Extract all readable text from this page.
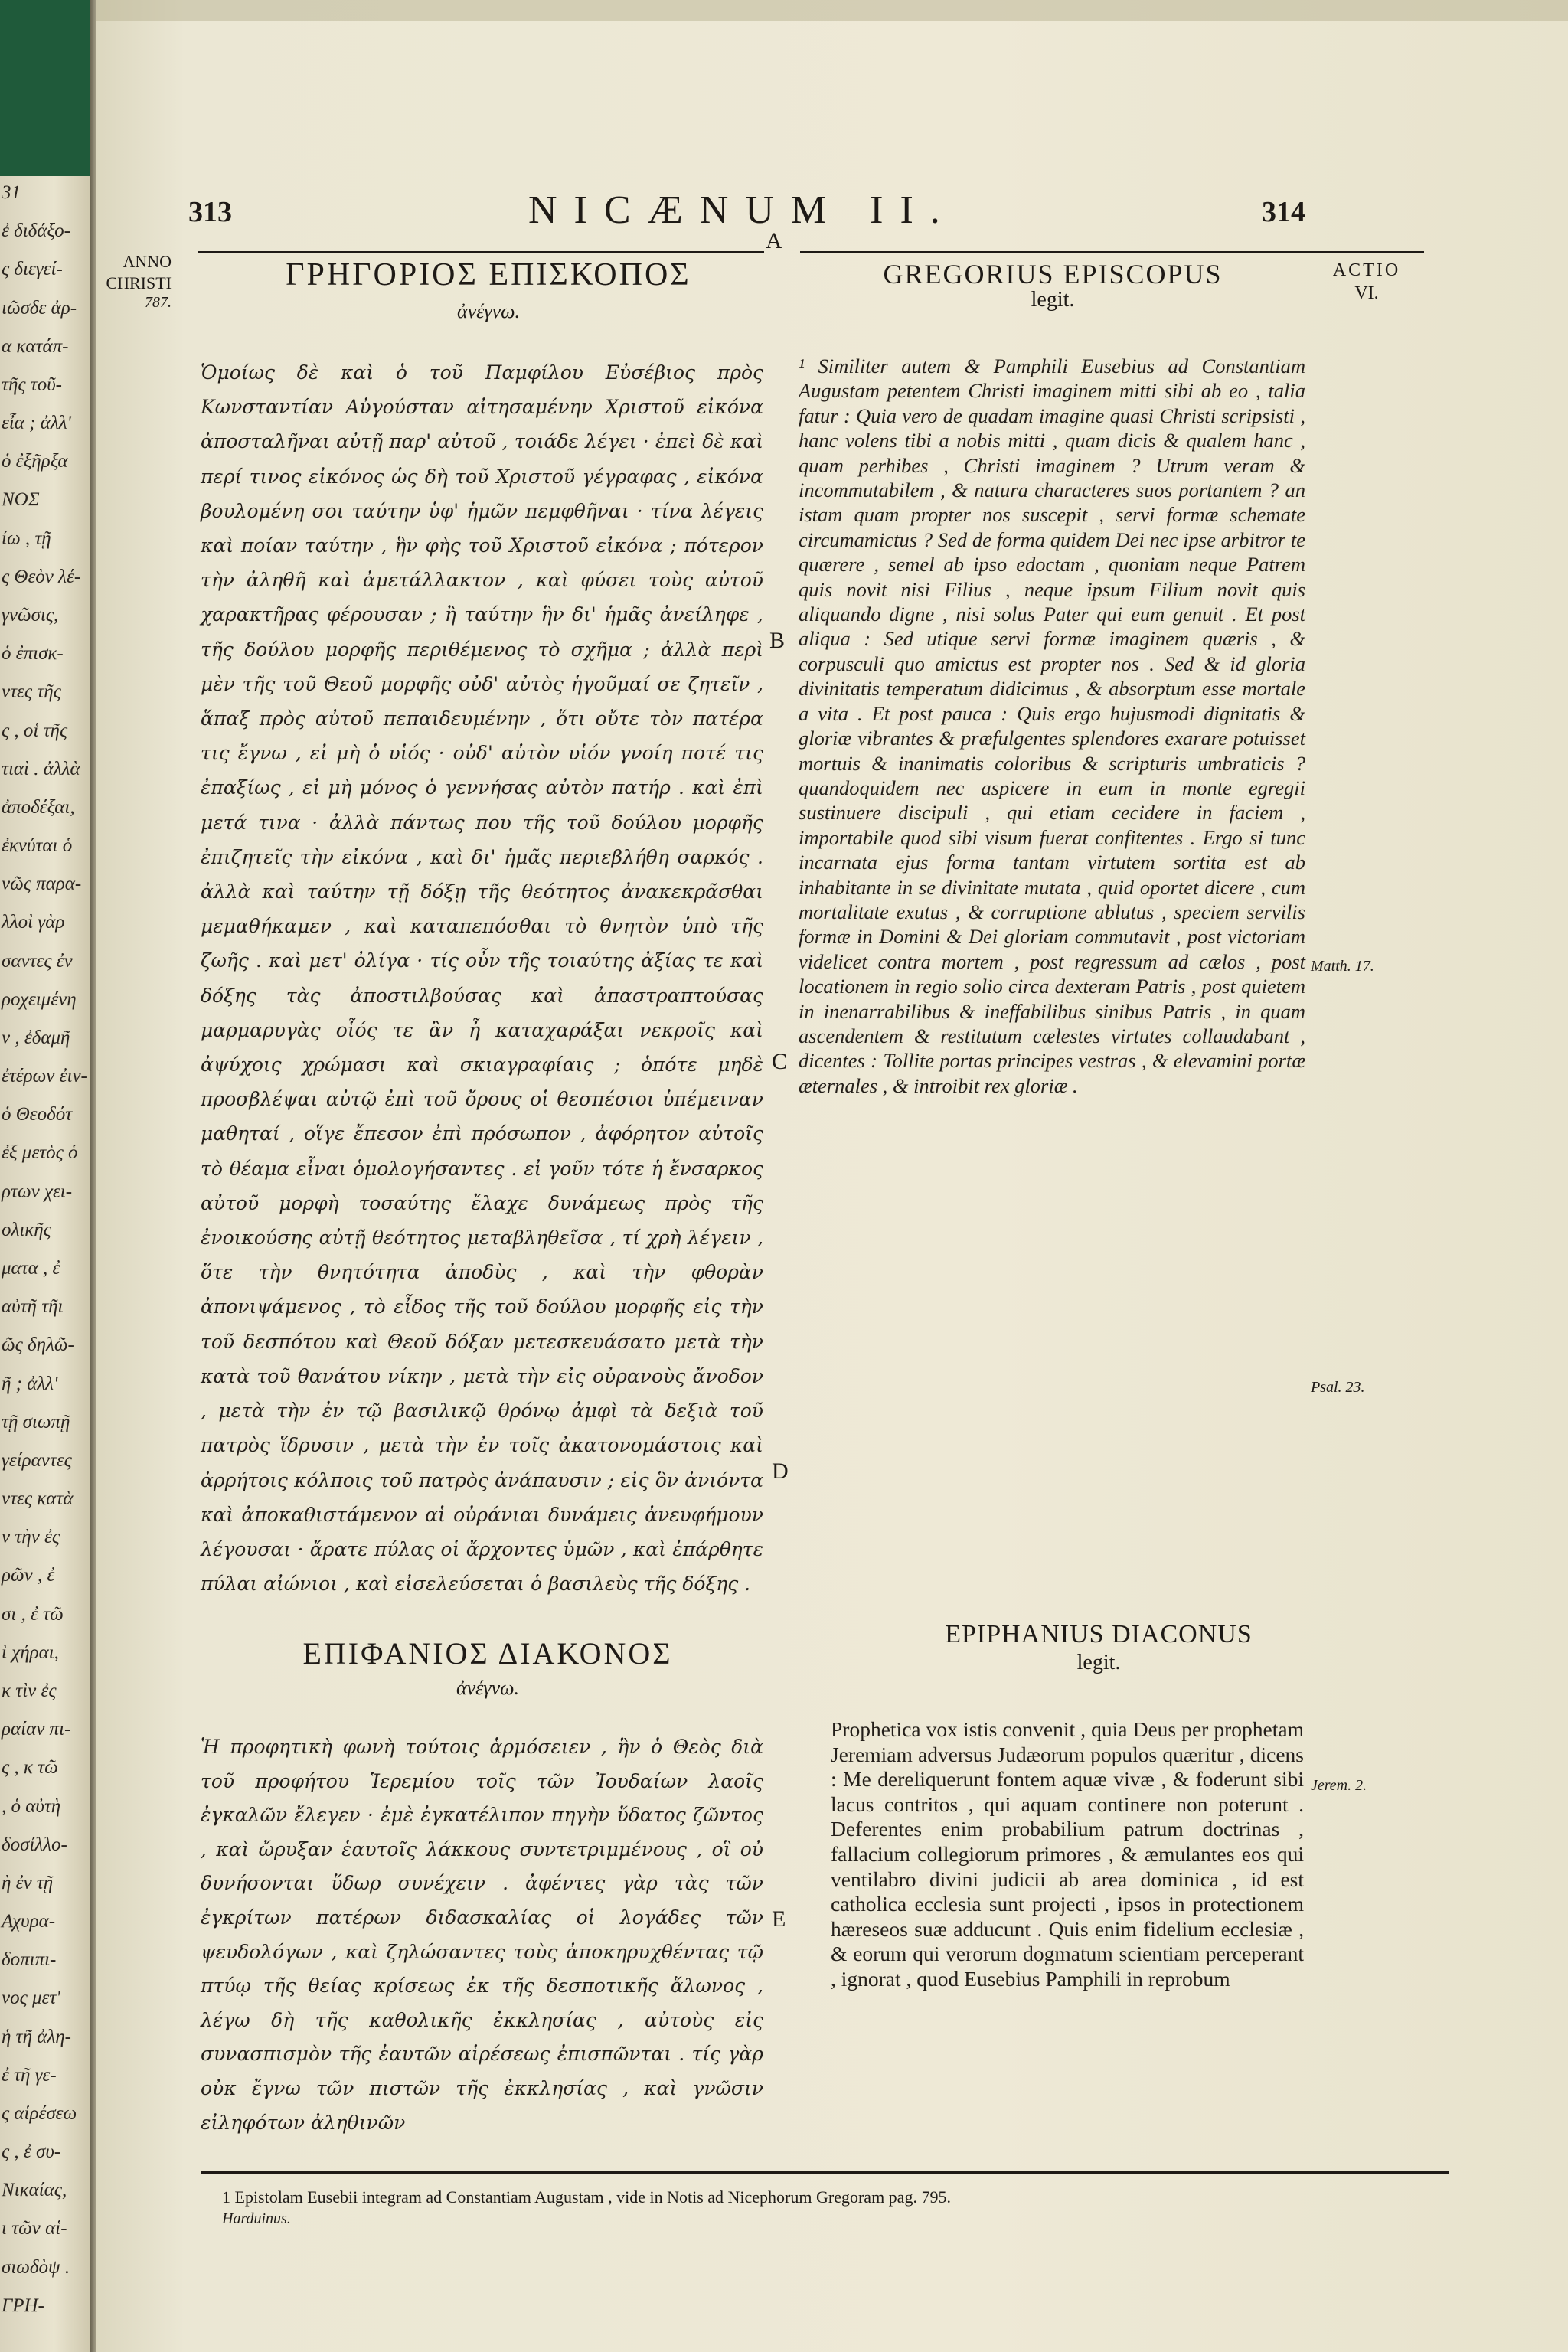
31
ἐ διδάξο-
ς διεγεί-
ιῶσδε ἀρ-
α κατάπ-
τῆς τοῦ-
εἶα ; ἀλλ'
ὁ ἐξῆρξα
ΝΟΣ
ίω , τῇ
ς Θεὸν λέ-
γνῶσις,
ὁ ἐπισκ-
ντες τῆς
ς , οἱ τῆς
τιαὶ . ἀλλὰ
ἀποδέξαι,
ἐκνύται ὁ
νῶς παρα-
λλοὶ γὰρ
σαντες ἐν
ροχειμένη
ν , ἐδαμῆ
ἐτέρων ἐιν-
ὁ Θεοδότ
ἐξ μετὸς ὁ
ρτων χει-
ολικῆς
ματα , ἐ
αὐτῆ τῆι
ῶς δηλῶ-
ῆ ; ἀλλ'
τῇ σιωπῇ
γείραντες
ντες κατὰ
ν τὴν ἐς
ρῶν , ἐ
σι , ἐ τῶ
ὶ χήραι,
κ τὶν ἐς
ραίαν πι-
ς , κ τῶ
, ὁ αὐτὴ
δοσίλλο-
ὴ ἐν τῇ
Αχυρα-
δοπιπι-
νος μετ'
ἡ τῆ ἀλη-
ἐ τῆ γε-
ς αἱρέσεω
ς , ἐ συ-
Νικαίας,
ι τῶν αἱ-
σιωδὸψ .
ΓΡΗ-
313	NICÆNUM II.	314
ANNO
CHRISTI
787.
ACTIO
VI.
A
B
C
D
E
ΓΡΗΓΟΡΙΟΣ ΕΠΙΣΚΟΠΟΣ
ἀνέγνω.
GREGORIUS EPISCOPUS
legit.
Ὁμοίως δὲ καὶ ὁ τοῦ Παμφίλου Εὐσέβιος πρὸς Κωνσταντίαν Αὐγούσταν αἰτησαμένην Χριστοῦ εἰκόνα ἀποσταλῆναι αὐτῇ παρ' αὐτοῦ , τοιάδε λέγει · ἐπεὶ δὲ καὶ περί τινος εἰκόνος ὡς δὴ τοῦ Χριστοῦ γέγραφας , εἰκόνα βουλομένη σοι ταύτην ὑφ' ἡμῶν πεμφθῆναι · τίνα λέγεις καὶ ποίαν ταύτην , ἣν φὴς τοῦ Χριστοῦ εἰκόνα ; πότερον τὴν ἀληθῆ καὶ ἀμετάλλακτον , καὶ φύσει τοὺς αὐτοῦ χαρακτῆρας φέρουσαν ; ἢ ταύτην ἣν δι' ἡμᾶς ἀνείληφε , τῆς δούλου μορφῆς περιθέμενος τὸ σχῆμα ; ἀλλὰ περὶ μὲν τῆς τοῦ Θεοῦ μορφῆς οὐδ' αὐτὸς ἡγοῦμαί σε ζητεῖν , ἅπαξ πρὸς αὐτοῦ πεπαιδευμένην , ὅτι οὔτε τὸν πατέρα τις ἔγνω , εἰ μὴ ὁ υἱός · οὐδ' αὐτὸν υἱόν γνοίη ποτέ τις ἐπαξίως , εἰ μὴ μόνος ὁ γεννήσας αὐτὸν πατήρ . καὶ ἐπὶ μετά τινα · ἀλλὰ πάντως που τῆς τοῦ δούλου μορφῆς ἐπιζητεῖς τὴν εἰκόνα , καὶ δι' ἡμᾶς περιεβλήθη σαρκός . ἀλλὰ καὶ ταύτην τῇ δόξῃ τῆς θεότητος ἀνακεκρᾶσθαι μεμαθήκαμεν , καὶ καταπεπόσθαι τὸ θνητὸν ὑπὸ τῆς ζωῆς . καὶ μετ' ὀλίγα · τίς οὖν τῆς τοιαύτης ἀξίας τε καὶ δόξης τὰς ἀποστιλβούσας καὶ ἀπαστραπτούσας μαρμαρυγὰς οἷός τε ἂν ἦ καταχαράξαι νεκροῖς καὶ ἀψύχοις χρώμασι καὶ σκιαγραφίαις ; ὁπότε μηδὲ προσβλέψαι αὐτῷ ἐπὶ τοῦ ὄρους οἱ θεσπέσιοι ὑπέμειναν μαθηταί , οἵγε ἔπεσον ἐπὶ πρόσωπον , ἀφόρητον αὐτοῖς τὸ θέαμα εἶναι ὁμολογήσαντες . εἰ γοῦν τότε ἡ ἔνσαρκος αὐτοῦ μορφὴ τοσαύτης ἔλαχε δυνάμεως πρὸς τῆς ἐνοικούσης αὐτῇ θεότητος μεταβληθεῖσα , τί χρὴ λέγειν , ὅτε τὴν θνητότητα ἀποδὺς , καὶ τὴν φθορὰν ἀπονιψάμενος , τὸ εἶδος τῆς τοῦ δούλου μορφῆς εἰς τὴν τοῦ δεσπότου καὶ Θεοῦ δόξαν μετεσκευάσατο μετὰ τὴν κατὰ τοῦ θανάτου νίκην , μετὰ τὴν εἰς οὐρανοὺς ἄνοδον , μετὰ τὴν ἐν τῷ βασιλικῷ θρόνῳ ἀμφὶ τὰ δεξιὰ τοῦ πατρὸς ἵδρυσιν , μετὰ τὴν ἐν τοῖς ἀκατονομάστοις καὶ ἀρρήτοις κόλποις τοῦ πατρὸς ἀνάπαυσιν ; εἰς ὃν ἀνιόντα καὶ ἀποκαθιστάμενον αἱ οὐράνιαι δυνάμεις ἀνευφήμουν λέγουσαι · ἄρατε πύλας οἱ ἄρχοντες ὑμῶν , καὶ ἐπάρθητε πύλαι αἰώνιοι , καὶ εἰσελεύσεται ὁ βασιλεὺς τῆς δόξης .
¹ Similiter autem & Pamphili Eusebius ad Constantiam Augustam petentem Christi imaginem mitti sibi ab eo , talia fatur : Quia vero de quadam imagine quasi Christi scripsisti , hanc volens tibi a nobis mitti , quam dicis & qualem hanc , quam perhibes , Christi imaginem ? Utrum veram & incommutabilem , & natura characteres suos portantem ? an istam quam propter nos suscepit , servi formæ schemate circumamictus ? Sed de forma quidem Dei nec ipse arbitror te quærere , semel ab ipso edoctam , quoniam neque Patrem quis novit nisi Filius , neque ipsum Filium novit quis aliquando digne , nisi solus Pater qui eum genuit . Et post aliqua : Sed utique servi formæ imaginem quæris , & corpusculi quo amictus est propter nos . Sed & id gloria divinitatis temperatum didicimus , & absorptum esse mortale a vita . Et post pauca : Quis ergo hujusmodi dignitatis & gloriæ vibrantes & præfulgentes splendores exarare potuisset mortuis & inanimatis coloribus & scripturis umbraticis ? quandoquidem nec aspicere in eum in monte egregii sustinuere discipuli , qui etiam cecidere in faciem , importabile quod sibi visum fuerat confitentes . Ergo si tunc incarnata ejus forma tantam virtutem sortita est ab inhabitante in se divinitate mutata , quid oportet dicere , cum mortalitate exutus , & corruptione ablutus , speciem servilis formæ in Domini & Dei gloriam commutavit , post victoriam videlicet contra mortem , post regressum ad cælos , post locationem in regio solio circa dexteram Patris , post quietem in inenarrabilibus & ineffabilibus sinibus Patris , in quam ascendentem & restitutum cælestes virtutes collaudabant , dicentes : Tollite portas principes vestras , & elevamini portæ æternales , & introibit rex gloriæ .
Matth. 17.
Psal. 23.
Jerem. 2.
ΕΠΙΦΑΝΙΟΣ ΔΙΑΚΟΝΟΣ
ἀνέγνω.
EPIPHANIUS DIACONUS
legit.
Ἡ προφητικὴ φωνὴ τούτοις ἁρμόσειεν , ἣν ὁ Θεὸς διὰ τοῦ προφήτου Ἱερεμίου τοῖς τῶν Ἰουδαίων λαοῖς ἐγκαλῶν ἔλεγεν · ἐμὲ ἐγκατέλιπον πηγὴν ὕδατος ζῶντος , καὶ ὤρυξαν ἑαυτοῖς λάκκους συντετριμμένους , οἳ οὐ δυνήσονται ὕδωρ συνέχειν . ἀφέντες γὰρ τὰς τῶν ἐγκρίτων πατέρων διδασκαλίας οἱ λογάδες τῶν ψευδολόγων , καὶ ζηλώσαντες τοὺς ἀποκηρυχθέντας τῷ πτύῳ τῆς θείας κρίσεως ἐκ τῆς δεσποτικῆς ἅλωνος , λέγω δὴ τῆς καθολικῆς ἐκκλησίας , αὐτοὺς εἰς συνασπισμὸν τῆς ἑαυτῶν αἱρέσεως ἐπισπῶνται . τίς γὰρ οὐκ ἔγνω τῶν πιστῶν τῆς ἐκκλησίας , καὶ γνῶσιν εἰληφότων ἀληθινῶν
Prophetica vox istis convenit , quia Deus per prophetam Jeremiam adversus Judæorum populos quæritur , dicens : Me dereliquerunt fontem aquæ vivæ , & foderunt sibi lacus contritos , qui aquam continere non poterunt . Deferentes enim probabilium patrum doctrinas , fallacium collegiorum primores , & æmulantes eos qui ventilabro divini judicii ab area dominica , id est catholica ecclesia sunt projecti , ipsos in protectionem hæreseos suæ adducunt . Quis enim fidelium ecclesiæ , & eorum qui verorum dogmatum scientiam perceperant , ignorat , quod Eusebius Pamphili in reprobum
1 Epistolam Eusebii integram ad Constantiam Augustam , vide in Notis ad Nicephorum Gregoram pag. 795.
Harduinus.
